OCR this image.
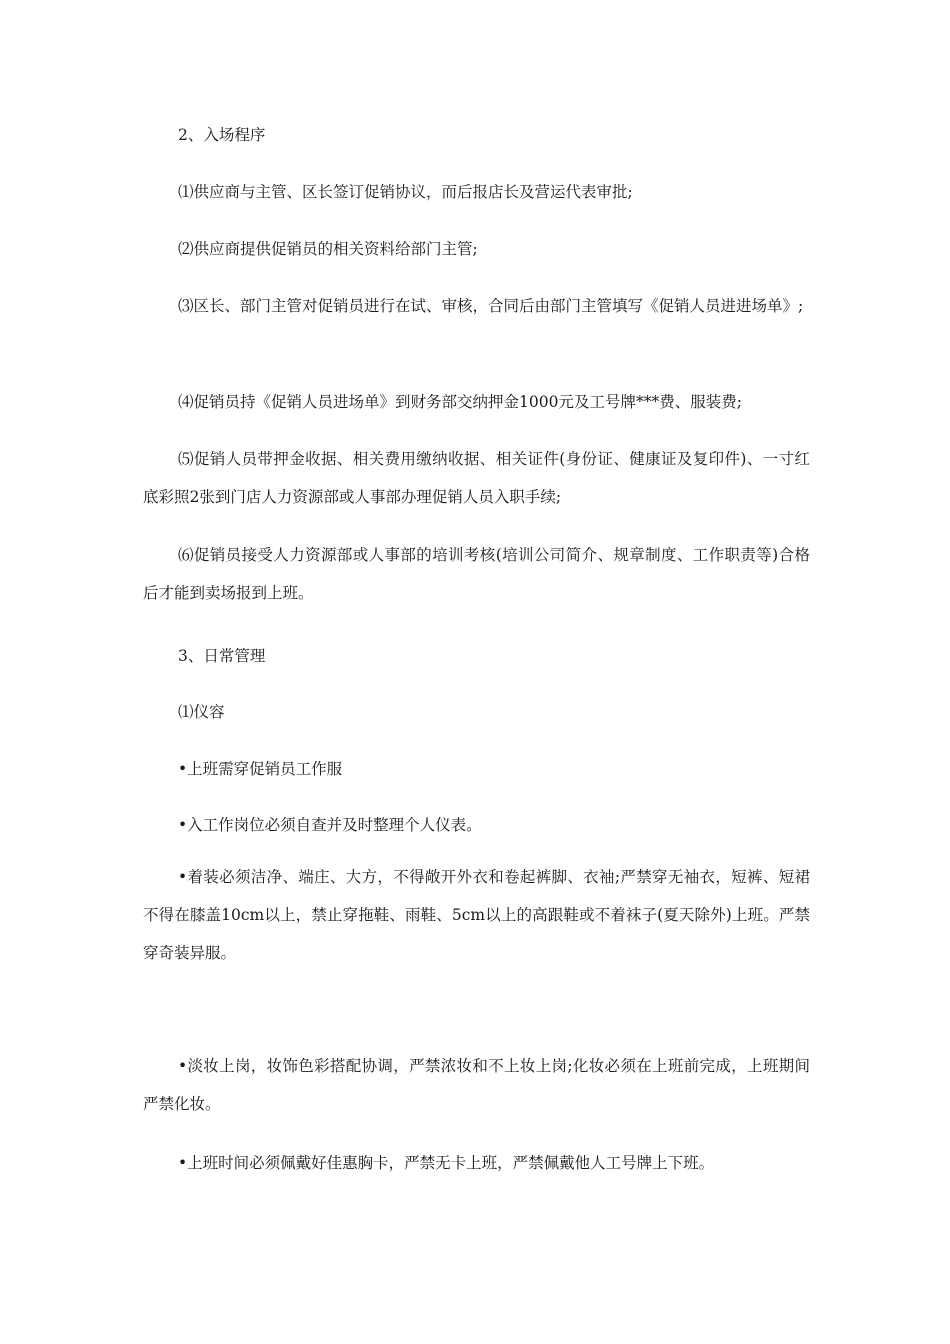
2、入场程序

⑴供应商与主管、区长签订促销协议，而后报店长及营运代表审批;

⑵供应商提供促销员的相关资料给部门主管;

⑶区长、部门主管对促销员进行在试、审核，合同后由部门主管填写《促销人员进进场单》;

⑷促销员持《促销人员进场单》到财务部交纳押金1000元及工号牌***费、服装费;

⑸促销人员带押金收据、相关费用缴纳收据、相关证件(身份证、健康证及复印件)、一寸红底彩照2张到门店人力资源部或人事部办理促销人员入职手续;

⑹促销员接受人力资源部或人事部的培训考核(培训公司简介、规章制度、工作职责等)合格后才能到卖场报到上班。

3、日常管理

⑴仪容

•上班需穿促销员工作服

•入工作岗位必须自查并及时整理个人仪表。

•着装必须洁净、端庄、大方，不得敞开外衣和卷起裤脚、衣袖;严禁穿无袖衣，短裤、短裙不得在膝盖10cm以上，禁止穿拖鞋、雨鞋、5cm以上的高跟鞋或不着袜子(夏天除外)上班。严禁穿奇装异服。

•淡妆上岗，妆饰色彩搭配协调，严禁浓妆和不上妆上岗;化妆必须在上班前完成，上班期间严禁化妆。

•上班时间必须佩戴好佳惠胸卡，严禁无卡上班，严禁佩戴他人工号牌上下班。
